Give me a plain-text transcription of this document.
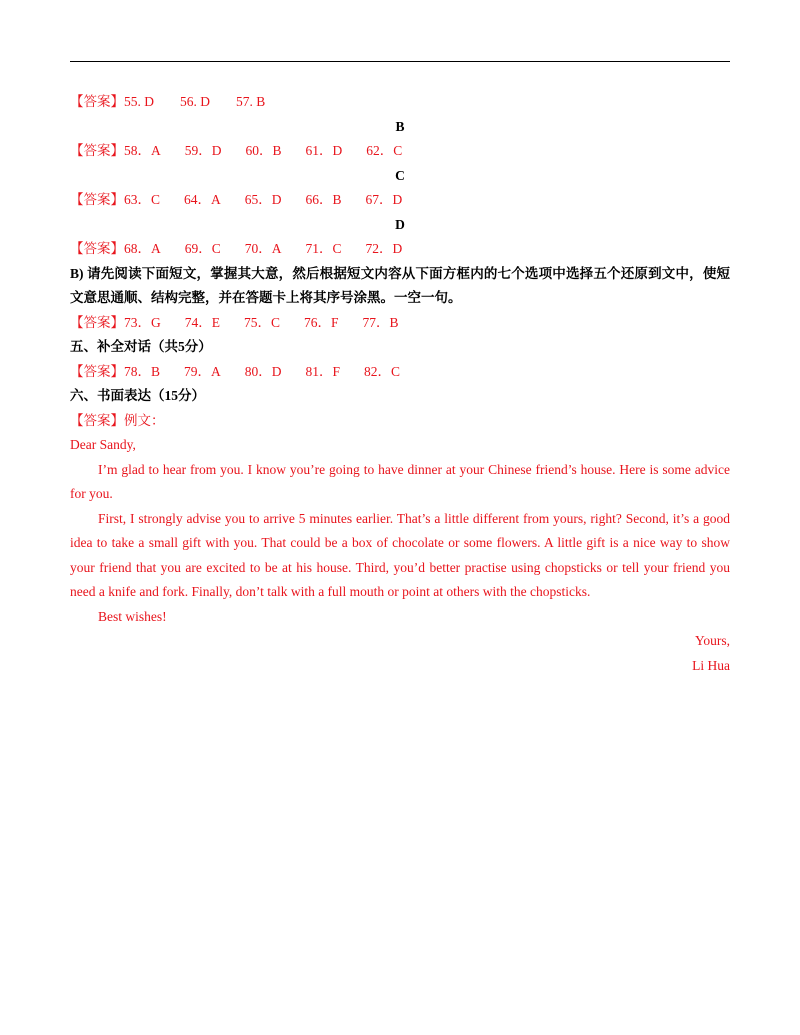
【答案】55. D 56. D 57. B
B
【答案】58．A 59．D 60．B 61．D 62．C
C
【答案】63．C 64．A 65．D 66．B 67．D
D
【答案】68．A 69．C 70．A 71．C 72．D
B) 请先阅读下面短文，掌握其大意，然后根据短文内容从下面方框内的七个选项中选择五个还原到文中，使短文意思通顺、结构完整，并在答题卡上将其序号涂黑。一空一句。
【答案】73．G 74．E 75．C 76．F 77．B
五、补全对话（共5分）
【答案】78．B 79．A 80．D 81．F 82．C
六、书面表达（15分）
【答案】例文：
Dear Sandy,
I’m glad to hear from you. I know you’re going to have dinner at your Chinese friend’s house. Here is some advice for you.
First, I strongly advise you to arrive 5 minutes earlier. That’s a little different from yours, right? Second, it’s a good idea to take a small gift with you. That could be a box of chocolate or some flowers. A little gift is a nice way to show your friend that you are excited to be at his house. Third, you’d better practise using chopsticks or tell your friend you need a knife and fork. Finally, don’t talk with a full mouth or point at others with the chopsticks.
Best wishes!
Yours,
Li Hua
